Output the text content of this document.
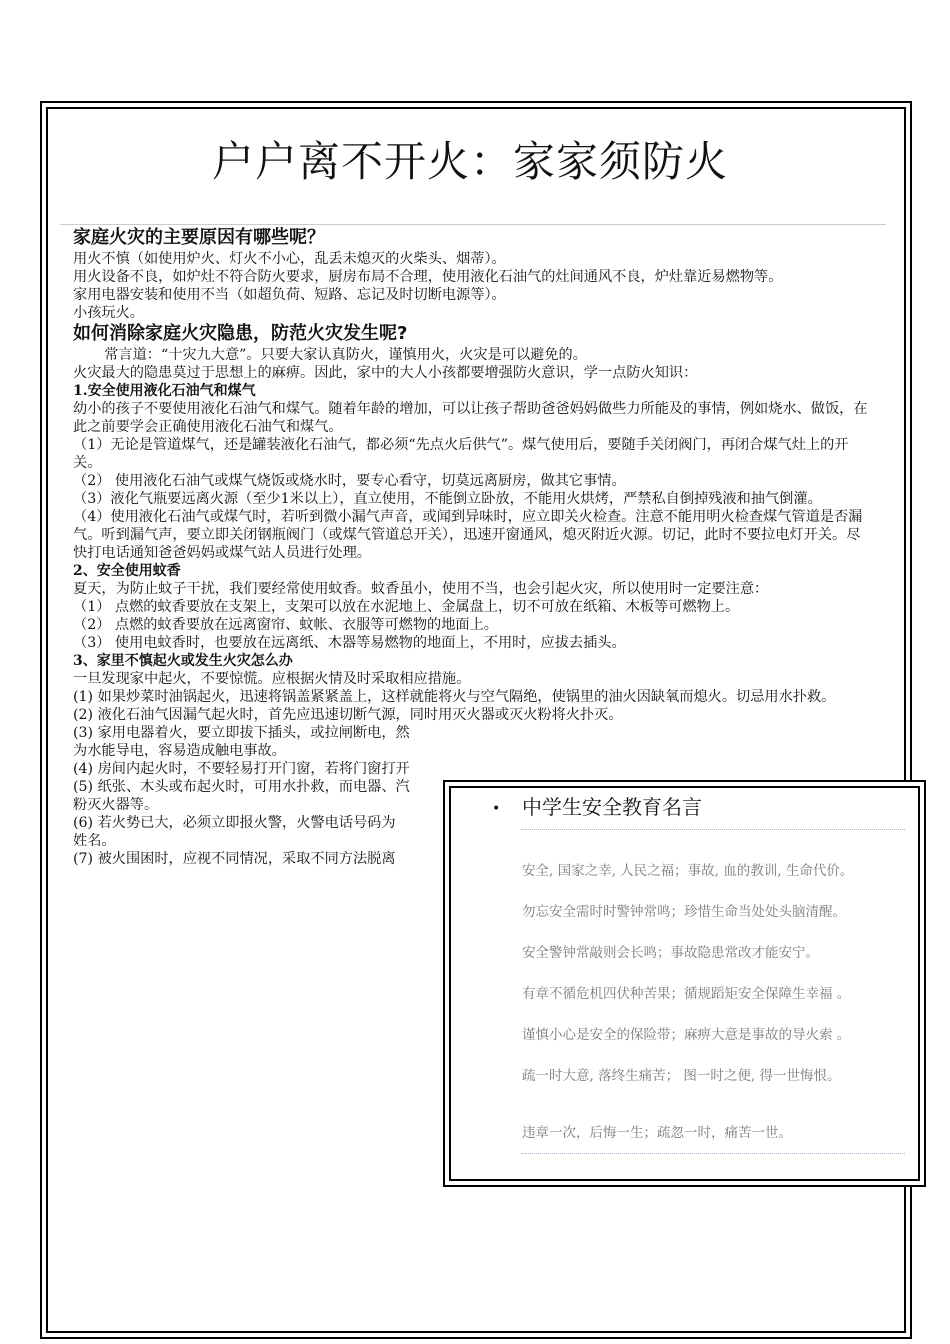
户户离不开火：家家须防火

家庭火灾的主要原因有哪些呢？

用火不慎（如使用炉火、灯火不小心，乱丢未熄灭的火柴头、烟蒂）。

用火设备不良，如炉灶不符合防火要求，厨房布局不合理，使用液化石油气的灶间通风不良，炉灶靠近易燃物等。

家用电器安装和使用不当（如超负荷、短路、忘记及时切断电源等）。

小孩玩火。

如何消除家庭火灾隐患，防范火灾发生呢?

常言道：“十灾九大意”。只要大家认真防火，谨慎用火，火灾是可以避免的。

火灾最大的隐患莫过于思想上的麻痹。因此，家中的大人小孩都要增强防火意识，学一点防火知识：

1.安全使用液化石油气和煤气

幼小的孩子不要使用液化石油气和煤气。随着年龄的增加，可以让孩子帮助爸爸妈妈做些力所能及的事情，例如烧水、做饭，在此之前要学会正确使用液化石油气和煤气。

（1）无论是管道煤气，还是罐装液化石油气，都必须“先点火后供气”。煤气使用后，要随手关闭阀门，再闭合煤气灶上的开关。

（2） 使用液化石油气或煤气烧饭或烧水时，要专心看守，切莫远离厨房，做其它事情。

（3）液化气瓶要远离火源（至少1米以上），直立使用，不能倒立卧放，不能用火烘烤，严禁私自倒掉残液和抽气倒灌。

（4）使用液化石油气或煤气时，若听到微小漏气声音，或闻到异味时，应立即关火检查。注意不能用明火检查煤气管道是否漏气。听到漏气声，要立即关闭钢瓶阀门（或煤气管道总开关），迅速开窗通风，熄灭附近火源。切记，此时不要拉电灯开关。尽快打电话通知爸爸妈妈或煤气站人员进行处理。

2、安全使用蚊香

夏天，为防止蚊子干扰，我们要经常使用蚊香。蚊香虽小，使用不当，也会引起火灾，所以使用时一定要注意：

（1） 点燃的蚊香要放在支架上，支架可以放在水泥地上、金属盘上，切不可放在纸箱、木板等可燃物上。

（2） 点燃的蚊香要放在远离窗帘、蚊帐、衣服等可燃物的地面上。

（3） 使用电蚊香时，也要放在远离纸、木器等易燃物的地面上，不用时，应拔去插头。

3、家里不慎起火或发生火灾怎么办

一旦发现家中起火，不要惊慌。应根据火情及时采取相应措施。

(1) 如果炒菜时油锅起火，迅速将锅盖紧紧盖上，这样就能将火与空气隔绝，使锅里的油火因缺氧而熄火。切忌用水扑救。

(2) 液化石油气因漏气起火时，首先应迅速切断气源，同时用灭火器或灭火粉将火扑灭。

(3) 家用电器着火，要立即拔下插头，或拉闸断电，然

为水能导电，容易造成触电事故。

(4) 房间内起火时，不要轻易打开门窗，若将门窗打开

(5) 纸张、木头或布起火时，可用水扑救，而电器、汽

粉灭火器等。

(6) 若火势已大，必须立即报火警，火警电话号码为

姓名。

(7) 被火围困时，应视不同情况，采取不同方法脱离

• 中学生安全教育名言
安全, 国家之幸, 人民之福；事故, 血的教训, 生命代价。
勿忘安全需时时警钟常鸣；珍惜生命当处处头脑清醒。
安全警钟常敲则会长鸣；事故隐患常改才能安宁。
有章不循危机四伏种苦果；循规蹈矩安全保障生幸福 。
谨慎小心是安全的保险带；麻痹大意是事故的导火索 。
疏一时大意, 落终生痛苦； 图一时之便, 得一世悔恨。
违章一次，后悔一生；疏忽一时，痛苦一世。
